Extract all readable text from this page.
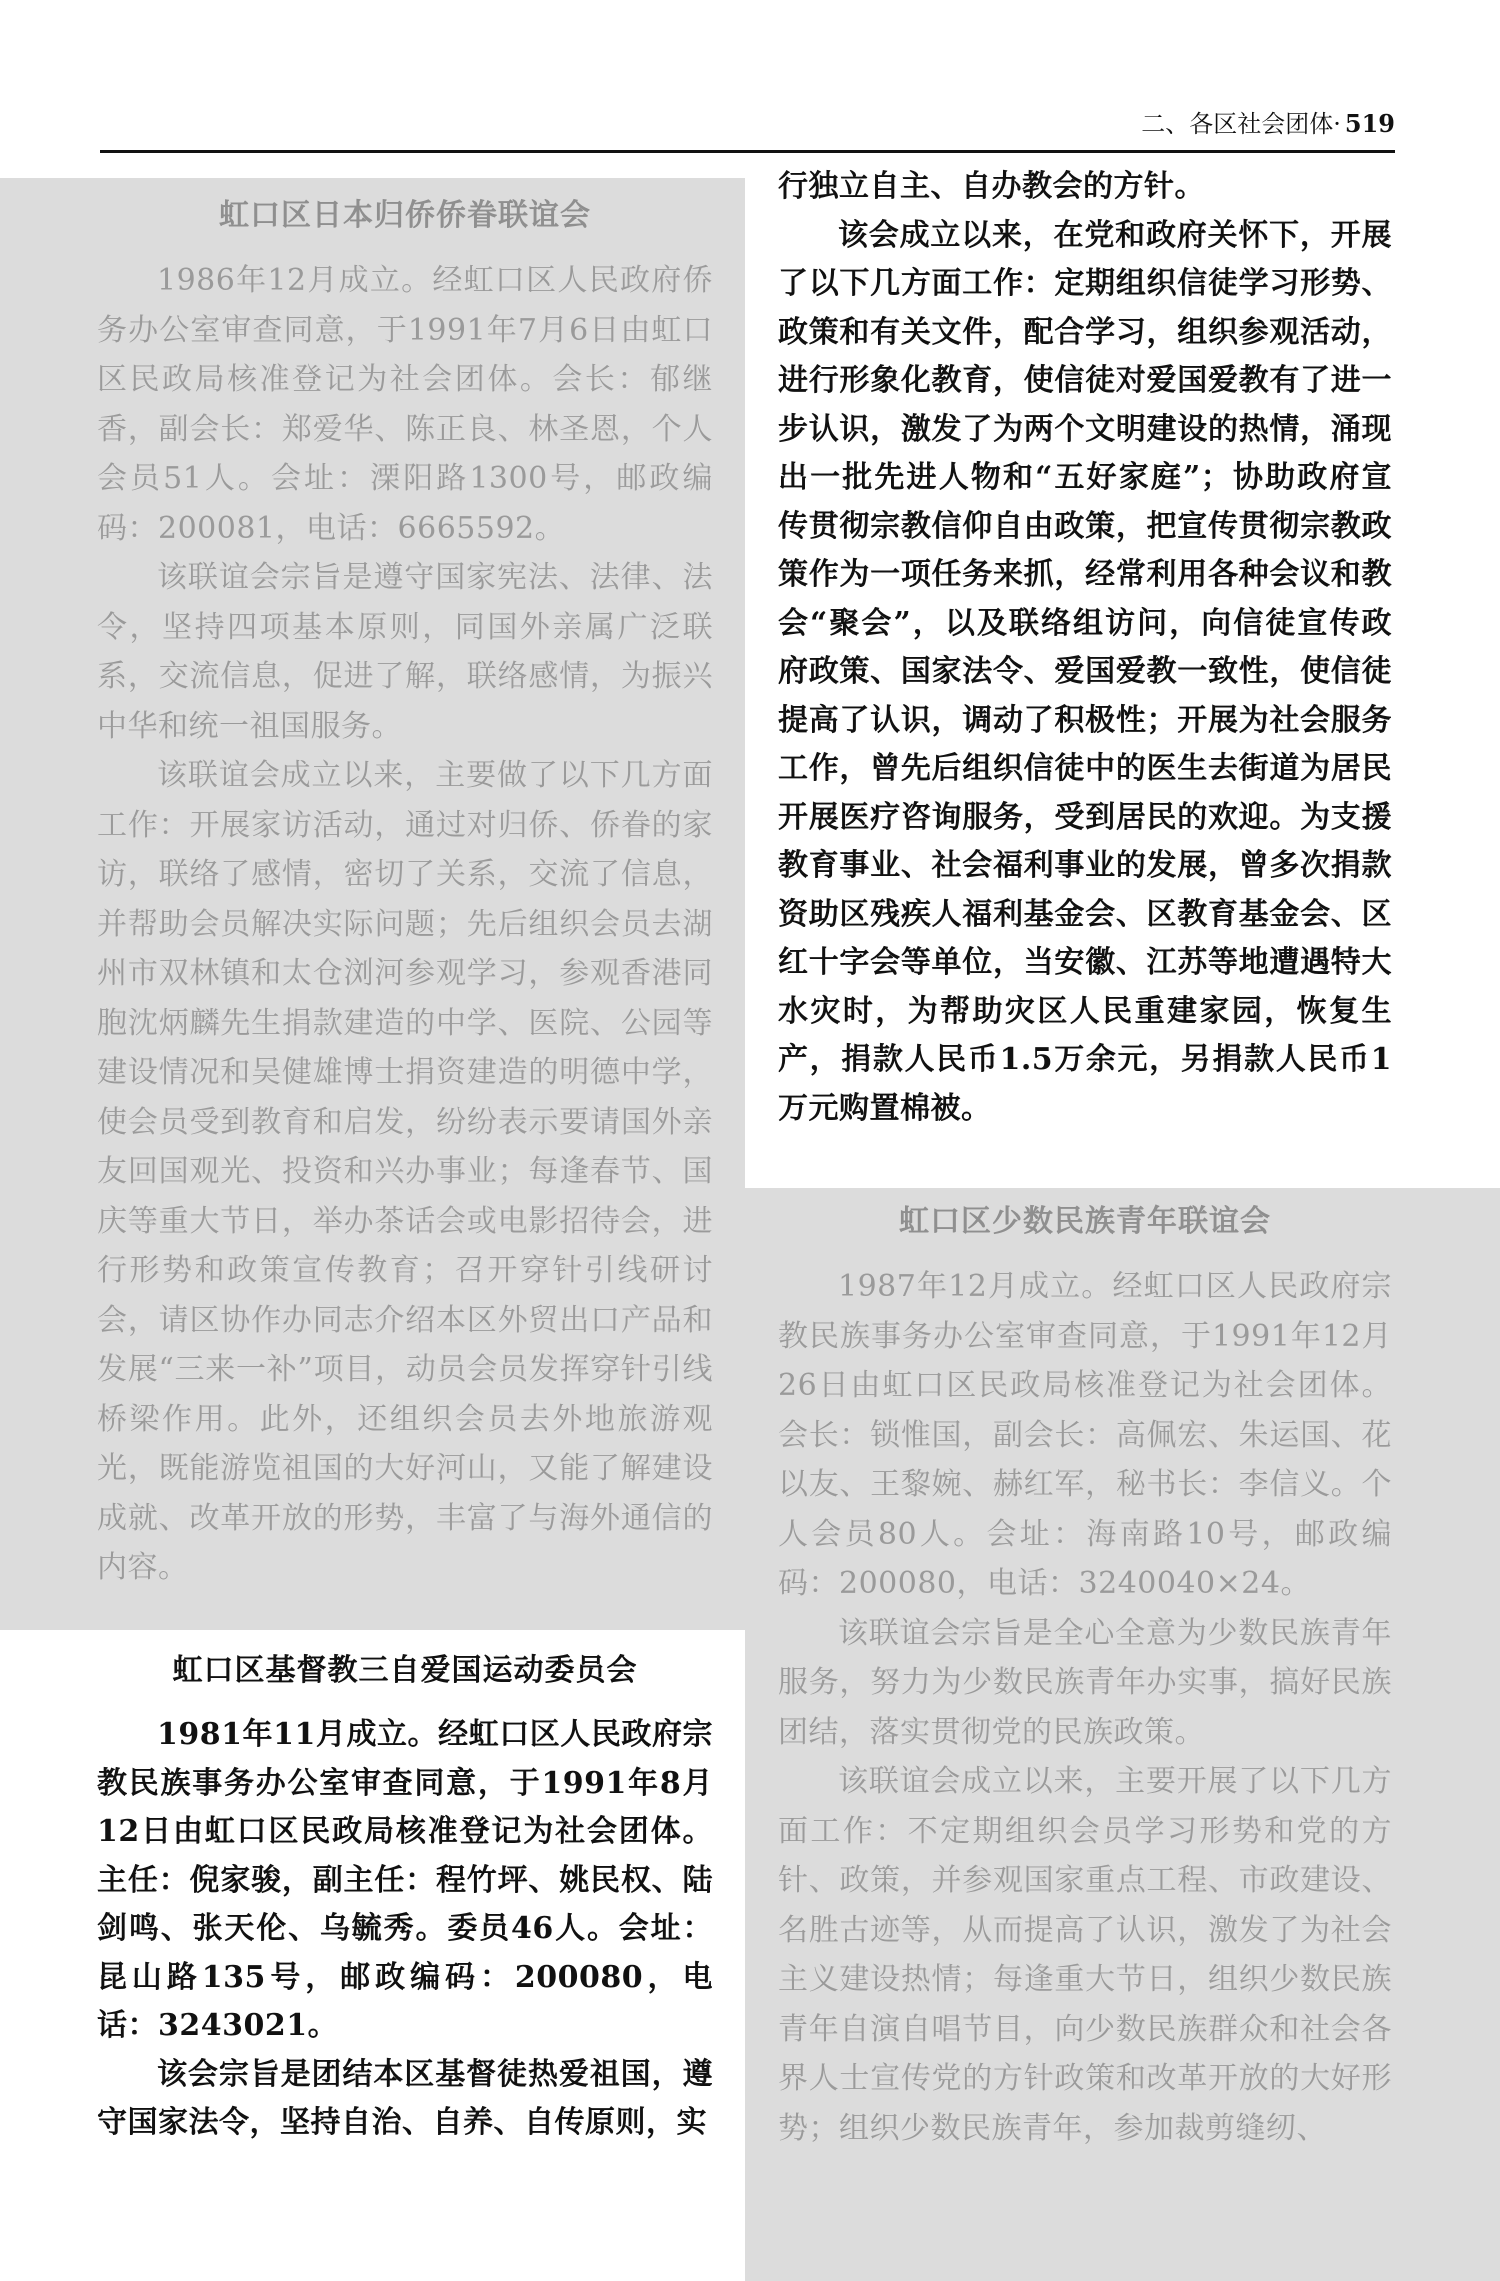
二、各区社会团体· 519
虹口区日本归侨侨眷联谊会

1986年12月成立。经虹口区人民政府侨务办公室审查同意，于1991年7月6日由虹口区民政局核准登记为社会团体。会长：郁继香，副会长：郑爱华、陈正良、林圣恩，个人会员51人。会址：溧阳路1300号，邮政编码：200081，电话：6665592。

该联谊会宗旨是遵守国家宪法、法律、法令，坚持四项基本原则，同国外亲属广泛联系，交流信息，促进了解，联络感情，为振兴中华和统一祖国服务。

该联谊会成立以来，主要做了以下几方面工作：开展家访活动，通过对归侨、侨眷的家访，联络了感情，密切了关系，交流了信息，并帮助会员解决实际问题；先后组织会员去湖州市双林镇和太仓浏河参观学习，参观香港同胞沈炳麟先生捐款建造的中学、医院、公园等建设情况和吴健雄博士捐资建造的明德中学，使会员受到教育和启发，纷纷表示要请国外亲友回国观光、投资和兴办事业；每逢春节、国庆等重大节日，举办茶话会或电影招待会，进行形势和政策宣传教育；召开穿针引线研讨会，请区协作办同志介绍本区外贸出口产品和发展“三来一补”项目，动员会员发挥穿针引线桥梁作用。此外，还组织会员去外地旅游观光，既能游览祖国的大好河山，又能了解建设成就、改革开放的形势，丰富了与海外通信的内容。

虹口区基督教三自爱国运动委员会

1981年11月成立。经虹口区人民政府宗教民族事务办公室审查同意，于1991年8月12日由虹口区民政局核准登记为社会团体。主任：倪家骏，副主任：程竹坪、姚民权、陆剑鸣、张天伦、乌毓秀。委员46人。会址：昆山路135号，邮政编码：200080，电话：3243021。

该会宗旨是团结本区基督徒热爱祖国，遵守国家法令，坚持自治、自养、自传原则，实

行独立自主、自办教会的方针。

该会成立以来，在党和政府关怀下，开展了以下几方面工作：定期组织信徒学习形势、政策和有关文件，配合学习，组织参观活动，进行形象化教育，使信徒对爱国爱教有了进一步认识，激发了为两个文明建设的热情，涌现出一批先进人物和“五好家庭”；协助政府宣传贯彻宗教信仰自由政策，把宣传贯彻宗教政策作为一项任务来抓，经常利用各种会议和教会“聚会”，以及联络组访问，向信徒宣传政府政策、国家法令、爱国爱教一致性，使信徒提高了认识，调动了积极性；开展为社会服务工作，曾先后组织信徒中的医生去街道为居民开展医疗咨询服务，受到居民的欢迎。为支援教育事业、社会福利事业的发展，曾多次捐款资助区残疾人福利基金会、区教育基金会、区红十字会等单位，当安徽、江苏等地遭遇特大水灾时，为帮助灾区人民重建家园，恢复生产，捐款人民币1.5万余元，另捐款人民币1万元购置棉被。

虹口区少数民族青年联谊会

1987年12月成立。经虹口区人民政府宗教民族事务办公室审查同意，于1991年12月26日由虹口区民政局核准登记为社会团体。会长：锁惟国，副会长：高佩宏、朱运国、花以友、王黎婉、赫红军，秘书长：李信义。个人会员80人。会址：海南路10号，邮政编码：200080，电话：3240040×24。

该联谊会宗旨是全心全意为少数民族青年服务，努力为少数民族青年办实事，搞好民族团结，落实贯彻党的民族政策。

该联谊会成立以来，主要开展了以下几方面工作：不定期组织会员学习形势和党的方针、政策，并参观国家重点工程、市政建设、名胜古迹等，从而提高了认识，激发了为社会主义建设热情；每逢重大节日，组织少数民族青年自演自唱节目，向少数民族群众和社会各界人士宣传党的方针政策和改革开放的大好形势；组织少数民族青年，参加裁剪缝纫、
